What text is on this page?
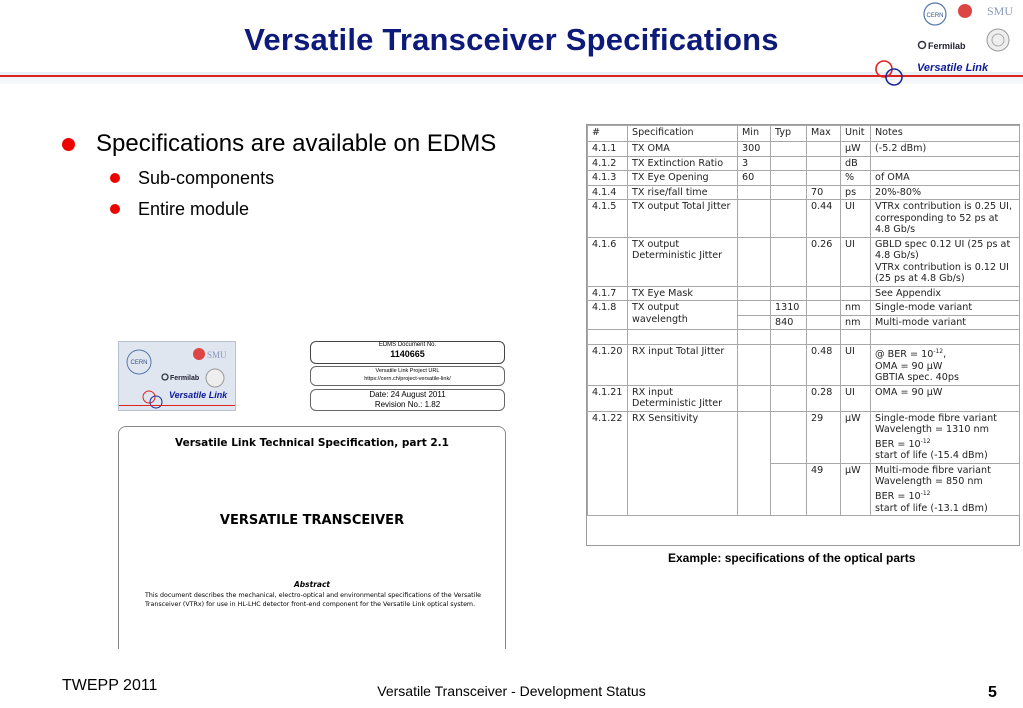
Versatile Transceiver Specifications
CERN	SMU
Fermilab
Versatile Link
Specifications are available on EDMS
Sub-components
Entire module
CERN
SMU
Fermilab
Versatile Link
EDMS Document No.
1140665
Versatile Link Project URL
https://cern.ch/project-versatile-link/
Date: 24 August 2011
Revision No.: 1.82
Versatile Link Technical Specification, part 2.1
VERSATILE TRANSCEIVER
Abstract
This document describes the mechanical, electro-optical and environmental specifications of the Versatile Transceiver (VTRx) for use in HL-LHC detector front-end component for the Versatile Link optical system.
#	Specification	Min	Typ	Max	Unit	Notes
4.1.1	TX OMA	300			µW	(-5.2 dBm)
4.1.2	TX Extinction Ratio	3			dB	
4.1.3	TX Eye Opening	60			%	of OMA
4.1.4	TX rise/fall time			70	ps	20%-80%
4.1.5	TX output Total Jitter			0.44	UI	VTRx contribution is 0.25 UI, corresponding to 52 ps at 4.8 Gb/s
4.1.6	TX output Deterministic Jitter			0.26	UI	GBLD spec 0.12 UI (25 ps at 4.8 Gb/s)
VTRx contribution is 0.12 UI (25 ps at 4.8 Gb/s)

4.1.7	TX Eye Mask					See Appendix
4.1.8	TX output wavelength		1310		nm	Single-mode variant
			840		nm	Multi-mode variant

4.1.20	RX input Total Jitter			0.48	UI	@ BER = $10^{-12}$,
OMA = 90 µW
GBTIA spec. 40ps

4.1.21	RX input Deterministic Jitter			0.28	UI	OMA = 90 µW
4.1.22	RX Sensitivity			29	µW	Single-mode fibre variant
Wavelength = 1310 nm
BER = $10^{-12}$
start of life (-15.4 dBm)

				49	µW	Multi-mode fibre variant
Wavelength = 850 nm
BER = $10^{-12}$
start of life (-13.1 dBm)
Example: specifications of the optical parts
TWEPP 2011	Versatile Transceiver - Development Status	5
